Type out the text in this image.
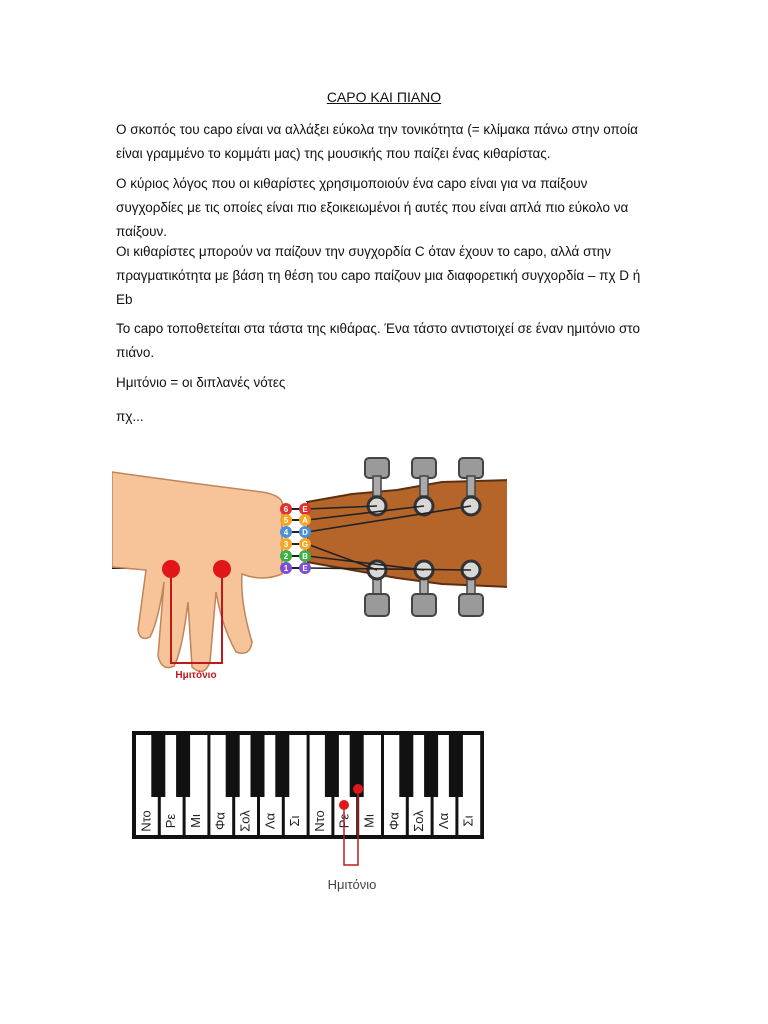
CAPO ΚΑΙ ΠΙΑΝΟ

Ο σκοπός του capo είναι να αλλάξει εύκολα την τονικότητα (= κλίμακα πάνω στην οποία είναι γραμμένο το κομμάτι μας) της μουσικής που παίζει ένας κιθαρίστας.

Ο κύριος λόγος που οι κιθαρίστες χρησιμοποιούν ένα capo είναι για να παίξουν συγχορδίες με τις οποίες είναι πιο εξοικειωμένοι ή αυτές που είναι απλά πιο εύκολο να παίξουν.

Οι κιθαρίστες μπορούν να παίζουν την συγχορδία C όταν έχουν το capo, αλλά στην πραγματικότητα με βάση τη θέση του capo παίζουν μια διαφορετική συγχορδία – πχ D ή Eb

Το capo τοποθετείται στα τάστα της κιθάρας. Ένα τάστο αντιστοιχεί σε έναν ημιτόνιο στο πιάνο.

Ημιτόνιο = οι διπλανές νότες

πχ...

6
5
4
3
2
1
E
A
D
G
B
E
Ημιτόνιο
Ντο Ρε Μι Φα Σολ Λα Σι Ντο Ρε Μι Φα Σολ Λα Σι
Ημιτόνιο
